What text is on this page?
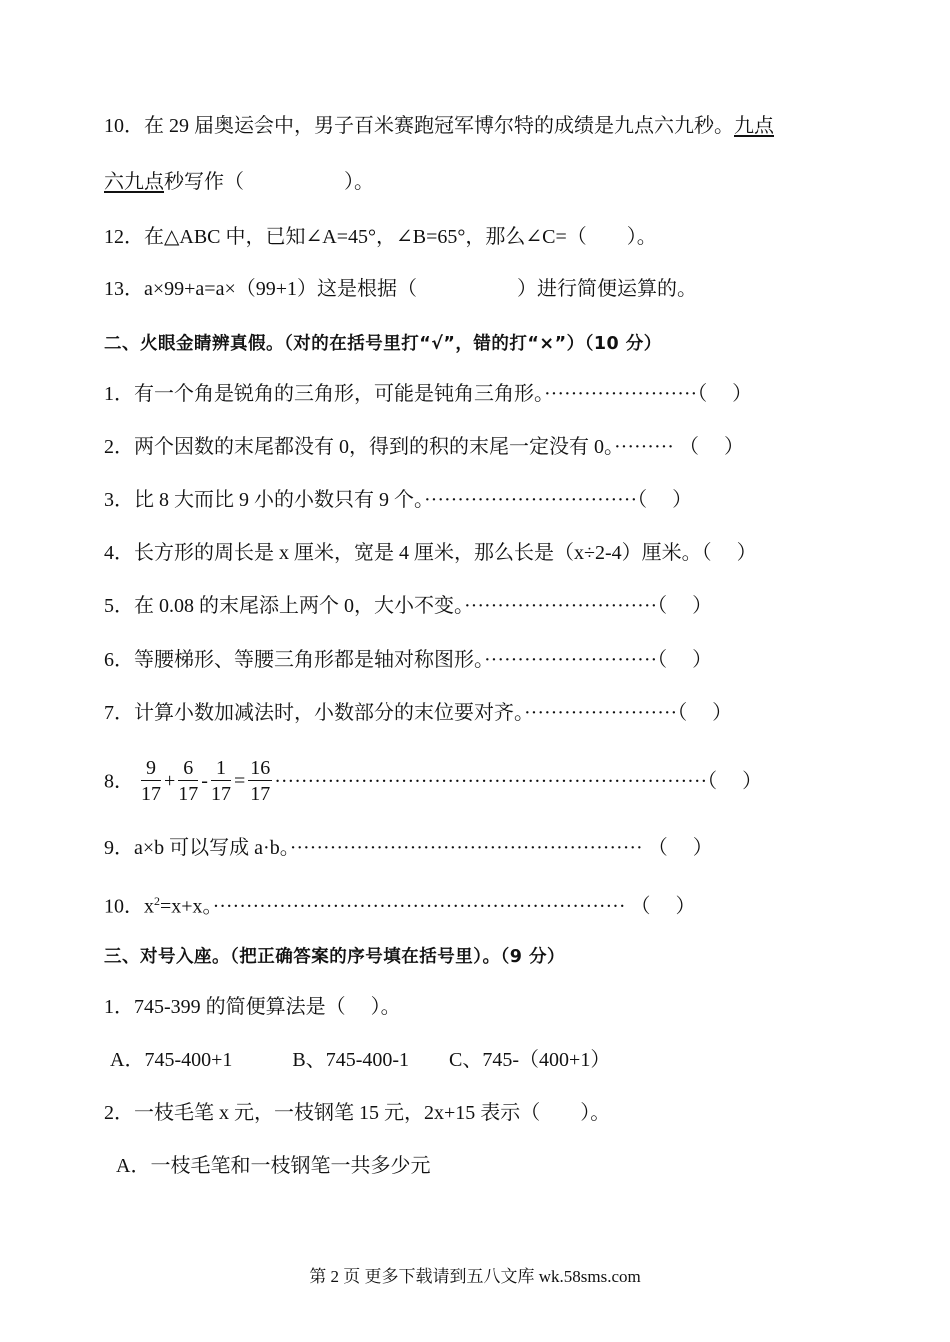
10．在 29 届奥运会中，男子百米赛跑冠军博尔特的成绩是九点六九秒。九点
六九点秒写作（　　　　　）。
12．在△ABC 中，已知∠A=45°，∠B=65°，那么∠C=（　　）。
13．a×99+a=a×（99+1）这是根据（　　　　　）进行简便运算的。
二、火眼金睛辨真假。（对的在括号里打“√”，错的打“×”）（10 分）
1．有一个角是锐角的三角形，可能是钝角三角形。·······················（　 ）
2．两个因数的末尾都没有 0，得到的积的末尾一定没有 0。········· （　 ）
3．比 8 大而比 9 小的小数只有 9 个。································（　 ）
4．长方形的周长是 x 厘米，宽是 4 厘米，那么长是（x÷2-4）厘米。（　 ）
5．在 0.08 的末尾添上两个 0，大小不变。·····························（　 ）
6．等腰梯形、等腰三角形都是轴对称图形。··························（　 ）
7．计算小数加减法时，小数部分的末位要对齐。·······················（　 ）
8． $\frac{9}{17} + \frac{6}{17} - \frac{1}{17} = \frac{16}{17}$ ·································································（　 ）
9．a×b 可以写成 a·b。····················································· （　 ）
10．$x^2=x+x$。······························································ （　 ）
三、对号入座。（把正确答案的序号填在括号里）。（9 分）
1．745-399 的简便算法是（　 ）。
A．745-400+1　　　B、745-400-1　　C、745-（400+1）
2．一枝毛笔 x 元，一枝钢笔 15 元，2x+15 表示（　　）。
A．一枝毛笔和一枝钢笔一共多少元
第 2 页 更多下载请到五八文库 wk.58sms.com
